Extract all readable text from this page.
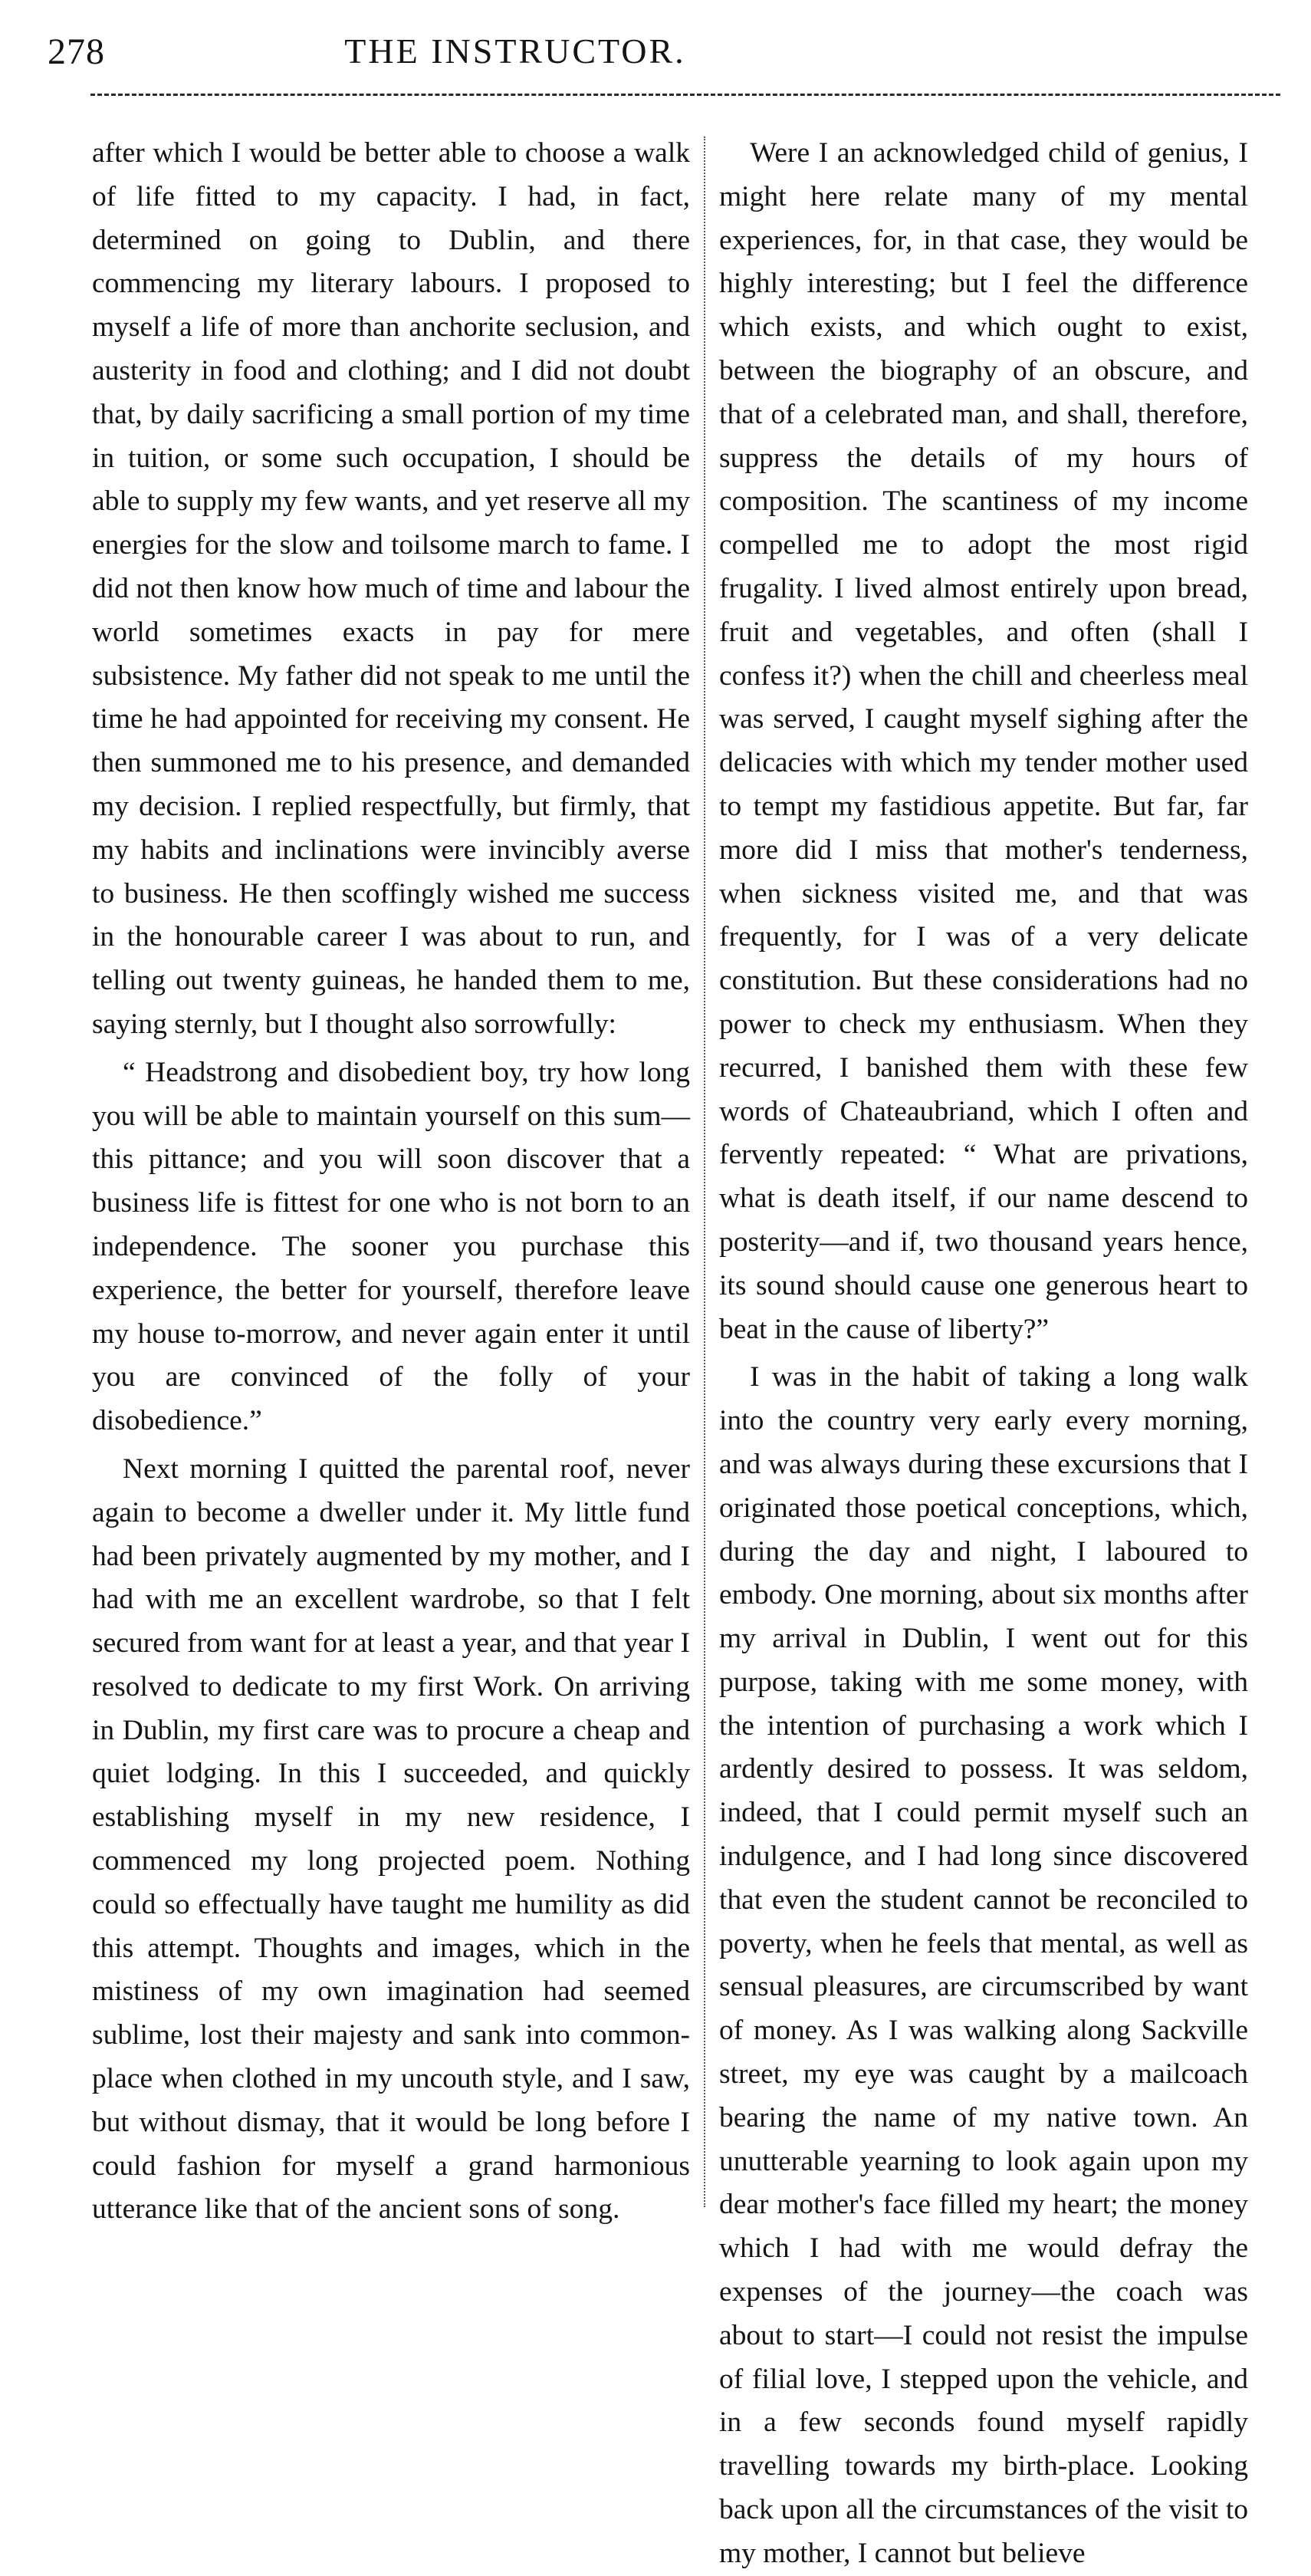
278	THE INSTRUCTOR.

after which I would be better able to choose a walk of life fitted to my capacity. I had, in fact, determined on going to Dublin, and there commencing my literary labours. I proposed to myself a life of more than anchorite seclusion, and austerity in food and clothing; and I did not doubt that, by daily sacrificing a small portion of my time in tuition, or some such occupation, I should be able to supply my few wants, and yet reserve all my energies for the slow and toilsome march to fame. I did not then know how much of time and labour the world sometimes exacts in pay for mere subsistence. My father did not speak to me until the time he had appointed for receiving my consent. He then summoned me to his presence, and demanded my decision. I replied respectfully, but firmly, that my habits and inclinations were invincibly averse to business. He then scoffingly wished me success in the honourable career I was about to run, and telling out twenty guineas, he handed them to me, saying sternly, but I thought also sorrowfully:

“ Headstrong and disobedient boy, try how long you will be able to maintain yourself on this sum—this pittance; and you will soon discover that a business life is fittest for one who is not born to an independence. The sooner you purchase this experience, the better for yourself, therefore leave my house to-morrow, and never again enter it until you are convinced of the folly of your disobedience.”

Next morning I quitted the parental roof, never again to become a dweller under it. My little fund had been privately augmented by my mother, and I had with me an excellent wardrobe, so that I felt secured from want for at least a year, and that year I resolved to dedicate to my first Work. On arriving in Dublin, my first care was to procure a cheap and quiet lodging. In this I succeeded, and quickly establishing myself in my new residence, I commenced my long projected poem. Nothing could so effectually have taught me humility as did this attempt. Thoughts and images, which in the mistiness of my own imagination had seemed sublime, lost their majesty and sank into common-place when clothed in my uncouth style, and I saw, but without dismay, that it would be long before I could fashion for myself a grand harmonious utterance like that of the ancient sons of song.

Were I an acknowledged child of genius, I might here relate many of my mental experiences, for, in that case, they would be highly interesting; but I feel the difference which exists, and which ought to exist, between the biography of an obscure, and that of a celebrated man, and shall, therefore, suppress the details of my hours of composition. The scantiness of my income compelled me to adopt the most rigid frugality. I lived almost entirely upon bread, fruit and vegetables, and often (shall I confess it?) when the chill and cheerless meal was served, I caught myself sighing after the delicacies with which my tender mother used to tempt my fastidious appetite. But far, far more did I miss that mother's tenderness, when sickness visited me, and that was frequently, for I was of a very delicate constitution. But these considerations had no power to check my enthusiasm. When they recurred, I banished them with these few words of Chateaubriand, which I often and fervently repeated: “ What are privations, what is death itself, if our name descend to posterity—and if, two thousand years hence, its sound should cause one generous heart to beat in the cause of liberty?”

I was in the habit of taking a long walk into the country very early every morning, and was always during these excursions that I originated those poetical conceptions, which, during the day and night, I laboured to embody. One morning, about six months after my arrival in Dublin, I went out for this purpose, taking with me some money, with the intention of purchasing a work which I ardently desired to possess. It was seldom, indeed, that I could permit myself such an indulgence, and I had long since discovered that even the student cannot be reconciled to poverty, when he feels that mental, as well as sensual pleasures, are circumscribed by want of money. As I was walking along Sackville street, my eye was caught by a mailcoach bearing the name of my native town. An unutterable yearning to look again upon my dear mother's face filled my heart; the money which I had with me would defray the expenses of the journey—the coach was about to start—I could not resist the impulse of filial love, I stepped upon the vehicle, and in a few seconds found myself rapidly travelling towards my birth-place. Looking back upon all the circumstances of the visit to my mother, I cannot but believe
